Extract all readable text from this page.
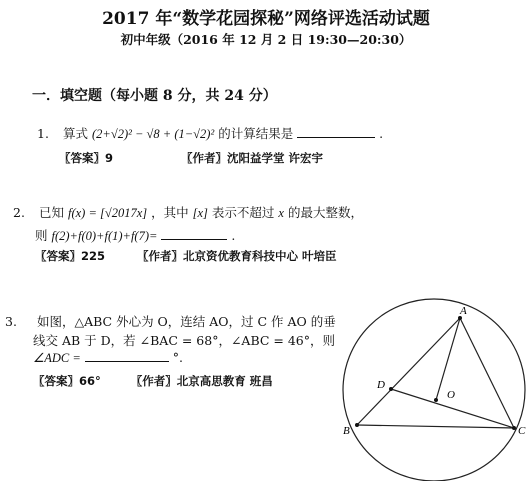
2017 年“数学花园探秘”网络评选活动试题
初中年级（2016 年 12 月 2 日 19:30—20:30）
一．填空题（每小题 8 分，共 24 分）
1. 算式 (2+√2)² − √8 + (1−√2)² 的计算结果是	.
〖答案〗9	〖作者〗沈阳益学堂 许宏宇
2. 已知 f(x) = [√2017x] ，其中 [x] 表示不超过 x 的最大整数，
则 f(2)+f(0)+f(1)+f(7)=	.
〖答案〗225	〖作者〗北京资优教育科技中心 叶培臣
3. 如图，△ABC 外心为 O，连结 AO，过 C 作 AO 的垂
线交 AB 于 D，若 ∠BAC = 68°，∠ABC = 46°，则
∠ADC =	°.
〖答案〗66°	〖作者〗北京高思教育 班昌
A
B	C
D
O
